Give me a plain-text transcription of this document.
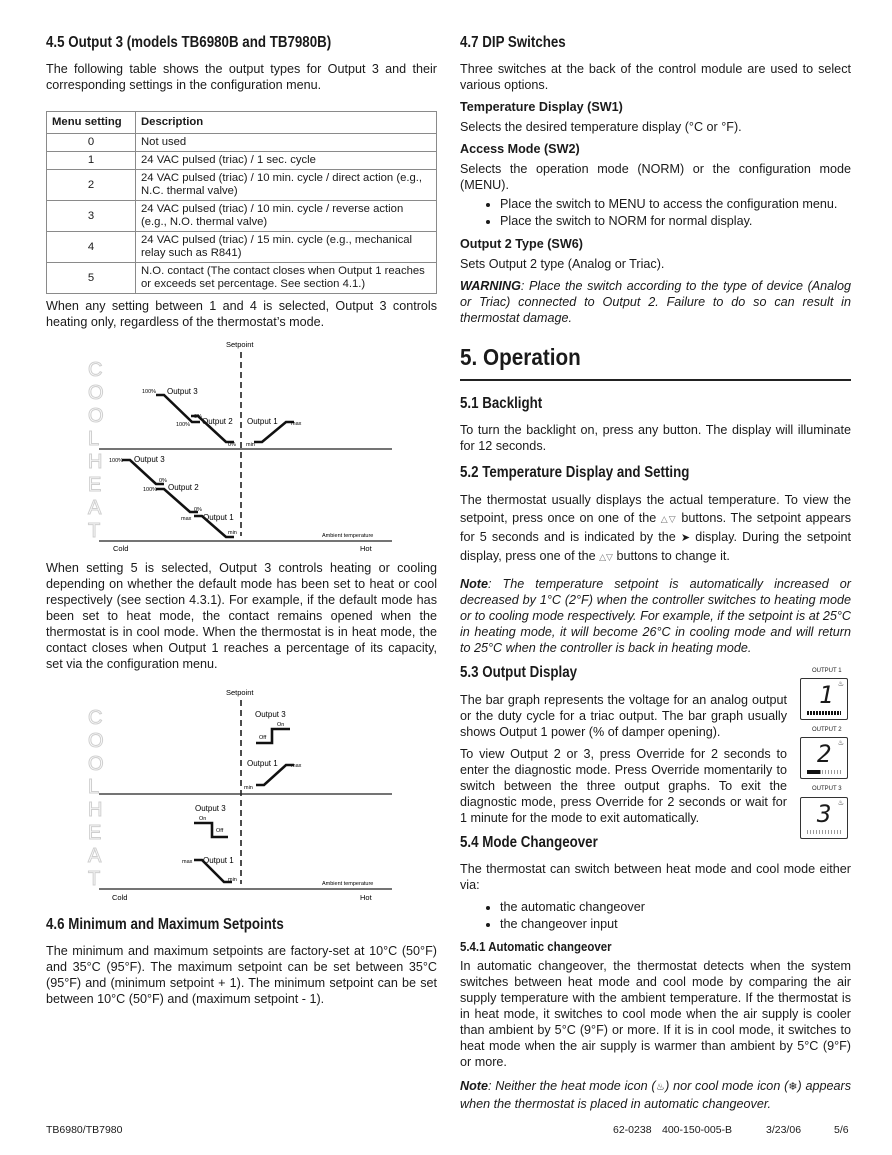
4.5 Output 3 (models TB6980B and TB7980B)

The following table shows the output types for Output 3 and their corresponding settings in the configuration menu.

Menu setting	Description
0	Not used
1	24 VAC pulsed (triac) / 1 sec. cycle
2	24 VAC pulsed (triac) / 10 min. cycle / direct action (e.g., N.C. thermal valve)
3	24 VAC pulsed (triac) / 10 min. cycle / reverse action (e.g., N.O. thermal valve)
4	24 VAC pulsed (triac) / 15 min. cycle (e.g., mechanical relay such as R841)
5	N.O. contact (The contact closes when Output 1 reaches or exceeds set percentage. See section 4.1.)

When any setting between 1 and 4 is selected, Output 3 controls heating only, regardless of the thermostat’s mode.

C
O
O
L
H
E
A
T
Setpoint
100% Output 3
0%
100% Output 2
0%
Output 1
min
max
100% Output 3
0%
100% Output 2
0%
max Output 1
min	Ambient temperature
Cold	Hot

When setting 5 is selected, Output 3 controls heating or cooling depending on whether the default mode has been set to heat or cool respectively (see section 4.3.1). For example, if the default mode has been set to heat mode, the contact remains opened when the thermostat is in cool mode. When the thermostat is in heat mode, the contact closes when Output 1 reaches a percentage of its capacity, set via the configuration menu.

C
O
O
L
H
E
A
T
Setpoint
Output 3
On
Off
Output 1 max
min
Output 3
On
Off
max Output 1
min
Ambient temperature
Cold	Hot
4.6 Minimum and Maximum Setpoints

The minimum and maximum setpoints are factory-set at 10°C (50°F) and 35°C (95°F). The maximum setpoint can be set between 35°C (95°F) and (minimum setpoint + 1). The minimum setpoint can be set between 10°C (50°F) and (maximum setpoint - 1).

4.7 DIP Switches

Three switches at the back of the control module are used to select various options.

Temperature Display (SW1)

Selects the desired temperature display (°C or °F).

Access Mode (SW2)

Selects the operation mode (NORM) or the configuration mode (MENU).

• Place the switch to MENU to access the configuration menu.
• Place the switch to NORM for normal display.

Output 2 Type (SW6)

Sets Output 2 type (Analog or Triac).

WARNING: Place the switch according to the type of device (Analog or Triac) connected to Output 2. Failure to do so can result in thermostat damage.

5. Operation
5.1 Backlight

To turn the backlight on, press any button. The display will illuminate for 12 seconds.

5.2 Temperature Display and Setting

The thermostat usually displays the actual temperature. To view the setpoint, press once on one of the △▽ buttons. The setpoint appears for 5 seconds and is indicated by the ➤ display. During the setpoint display, press one of the △▽ buttons to change it.

Note: The temperature setpoint is automatically increased or decreased by 1°C (2°F) when the controller switches to heating mode or to cooling mode respectively. For example, if the setpoint is at 25°C in heating mode, it will become 26°C in cooling mode and will return to 25°C when the controller is back in heating mode.

5.3 Output Display

The bar graph represents the voltage for an analog output or the duty cycle for a triac output. The bar graph usually shows Output 1 power (% of damper opening).

To view Output 2 or 3, press Override for 2 seconds to enter the diagnostic mode. Press Override momentarily to switch between the three output graphs. To exit the diagnostic mode, press Override for 2 seconds or wait for 1 minute for the mode to exit automatically.

5.4 Mode Changeover

The thermostat can switch between heat mode and cool mode either via:

• the automatic changeover
• the changeover input
5.4.1 Automatic changeover

In automatic changeover, the thermostat detects when the system switches between heat mode and cool mode by comparing the air supply temperature with the ambient temperature. If the thermostat is in heat mode, it switches to cool mode when the air supply is cooler than ambient by 5°C (9°F) or more. If it is in cool mode, it switches to heat mode when the air supply is warmer than ambient by 5°C (9°F) or more.

Note: Neither the heat mode icon (♨) nor cool mode icon (❄) appears when the thermostat is placed in automatic changeover.

OUTPUT 1
1 ♨
OUTPUT 2
2 ♨
OUTPUT 3
3 ♨
TB6980/TB7980	62-0238 400-150-005-B	3/23/06	5/6
